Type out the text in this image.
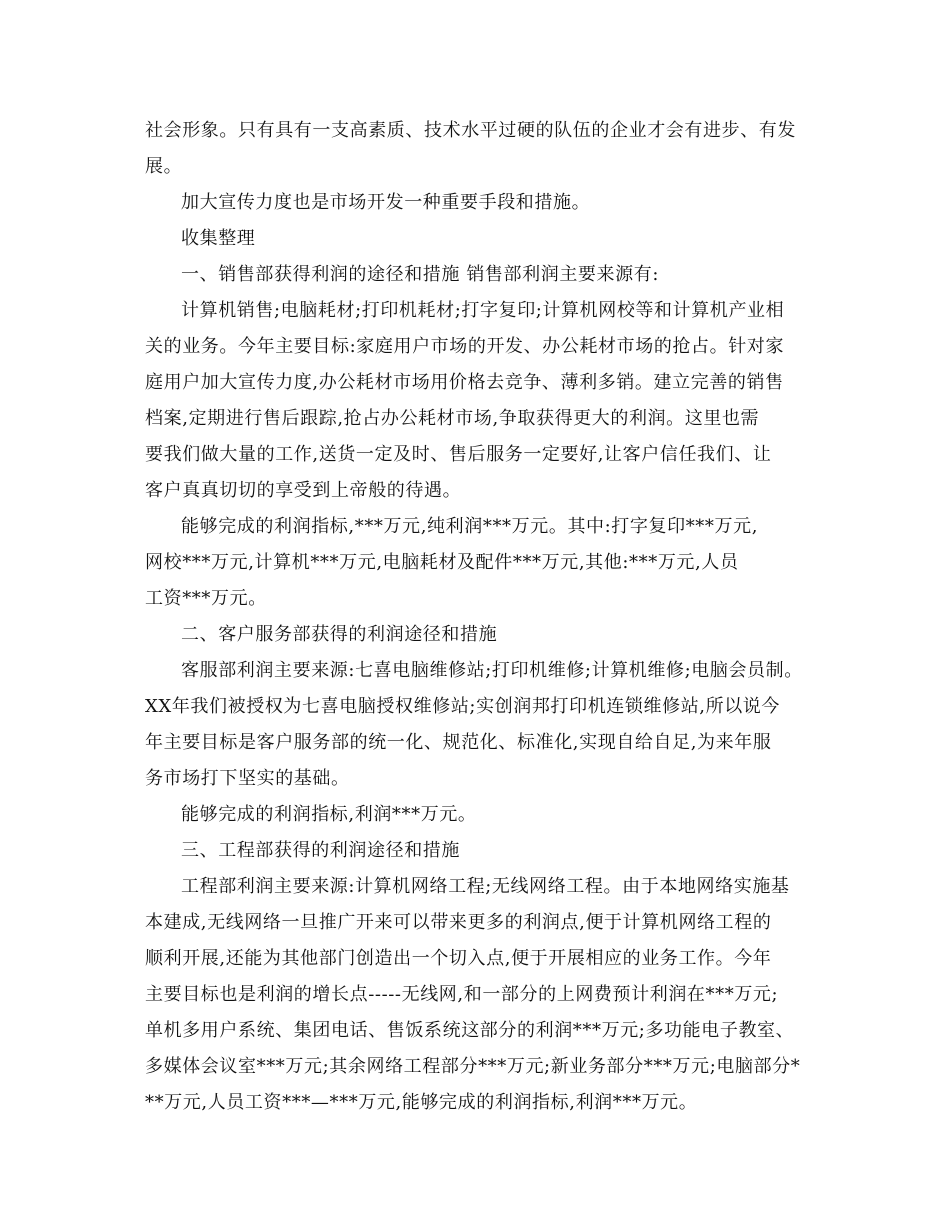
社会形象。只有具有一支高素质、技术水平过硬的队伍的企业才会有进步、有发
展。
加大宣传力度也是市场开发一种重要手段和措施。
收集整理
一、销售部获得利润的途径和措施 销售部利润主要来源有:
计算机销售;电脑耗材;打印机耗材;打字复印;计算机网校等和计算机产业相
关的业务。今年主要目标:家庭用户市场的开发、办公耗材市场的抢占。针对家
庭用户加大宣传力度,办公耗材市场用价格去竞争、薄利多销。建立完善的销售
档案,定期进行售后跟踪,抢占办公耗材市场,争取获得更大的利润。这里也需
要我们做大量的工作,送货一定及时、售后服务一定要好,让客户信任我们、让
客户真真切切的享受到上帝般的待遇。
能够完成的利润指标,***万元,纯利润***万元。其中:打字复印***万元,
网校***万元,计算机***万元,电脑耗材及配件***万元,其他:***万元,人员
工资***万元。
二、客户服务部获得的利润途径和措施
客服部利润主要来源:七喜电脑维修站;打印机维修;计算机维修;电脑会员制。
XX年我们被授权为七喜电脑授权维修站;实创润邦打印机连锁维修站,所以说今
年主要目标是客户服务部的统一化、规范化、标准化,实现自给自足,为来年服
务市场打下坚实的基础。
能够完成的利润指标,利润***万元。
三、工程部获得的利润途径和措施
工程部利润主要来源:计算机网络工程;无线网络工程。由于本地网络实施基
本建成,无线网络一旦推广开来可以带来更多的利润点,便于计算机网络工程的
顺利开展,还能为其他部门创造出一个切入点,便于开展相应的业务工作。今年
主要目标也是利润的增长点-----无线网,和一部分的上网费预计利润在***万元;
单机多用户系统、集团电话、售饭系统这部分的利润***万元;多功能电子教室、
多媒体会议室***万元;其余网络工程部分***万元;新业务部分***万元;电脑部分*
**万元,人员工资***—***万元,能够完成的利润指标,利润***万元。
